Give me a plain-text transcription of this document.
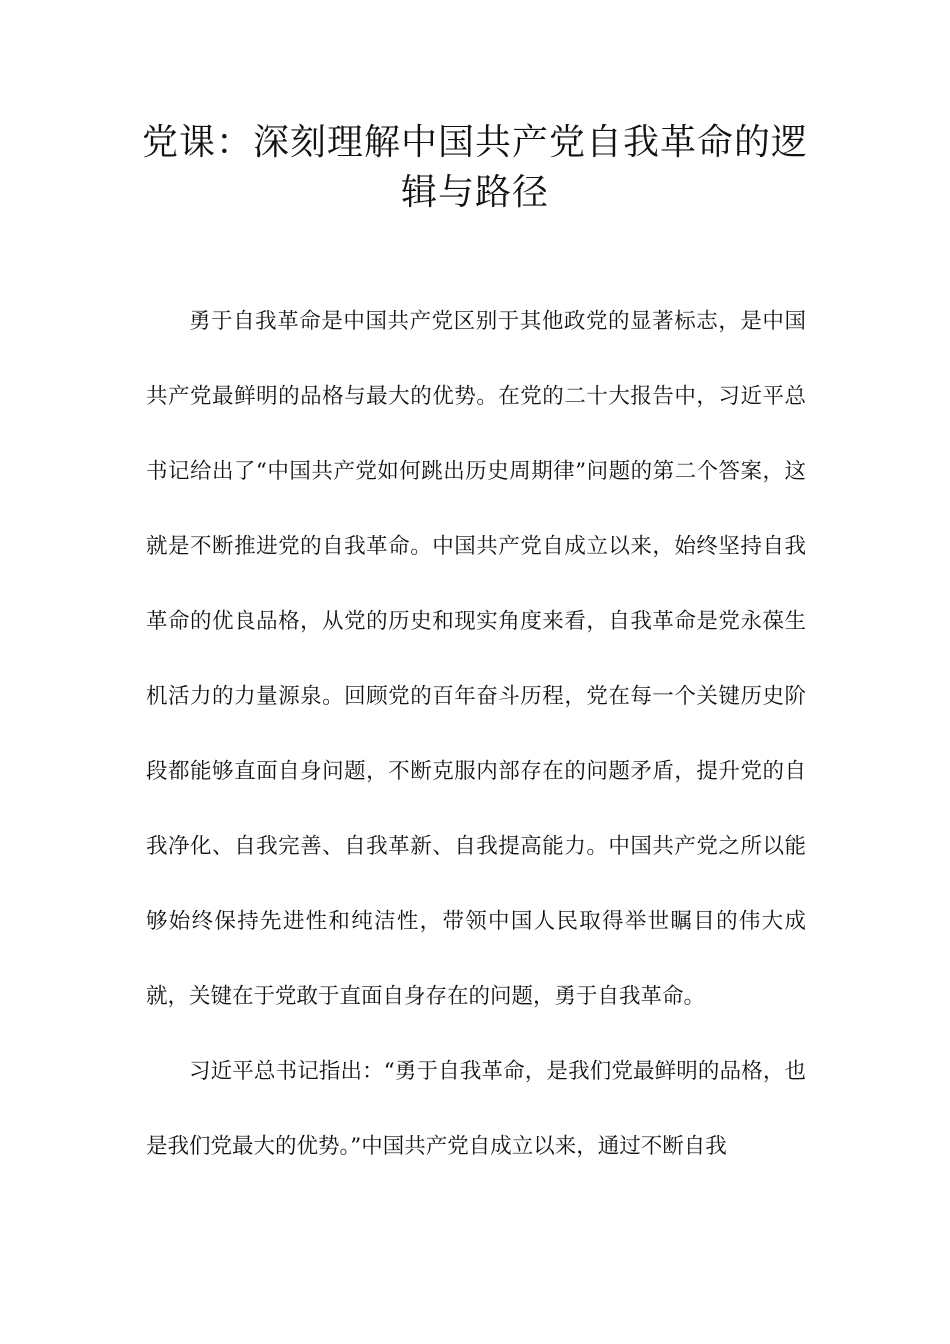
党课：深刻理解中国共产党自我革命的逻辑与路径

勇于自我革命是中国共产党区别于其他政党的显著标志，是中国共产党最鲜明的品格与最大的优势。在党的二十大报告中，习近平总书记给出了“中国共产党如何跳出历史周期律”问题的第二个答案，这就是不断推进党的自我革命。中国共产党自成立以来，始终坚持自我革命的优良品格，从党的历史和现实角度来看，自我革命是党永葆生机活力的力量源泉。回顾党的百年奋斗历程，党在每一个关键历史阶段都能够直面自身问题，不断克服内部存在的问题矛盾，提升党的自我净化、自我完善、自我革新、自我提高能力。中国共产党之所以能够始终保持先进性和纯洁性，带领中国人民取得举世瞩目的伟大成就，关键在于党敢于直面自身存在的问题，勇于自我革命。

习近平总书记指出：“勇于自我革命，是我们党最鲜明的品格，也是我们党最大的优势。”中国共产党自成立以来，通过不断自我
